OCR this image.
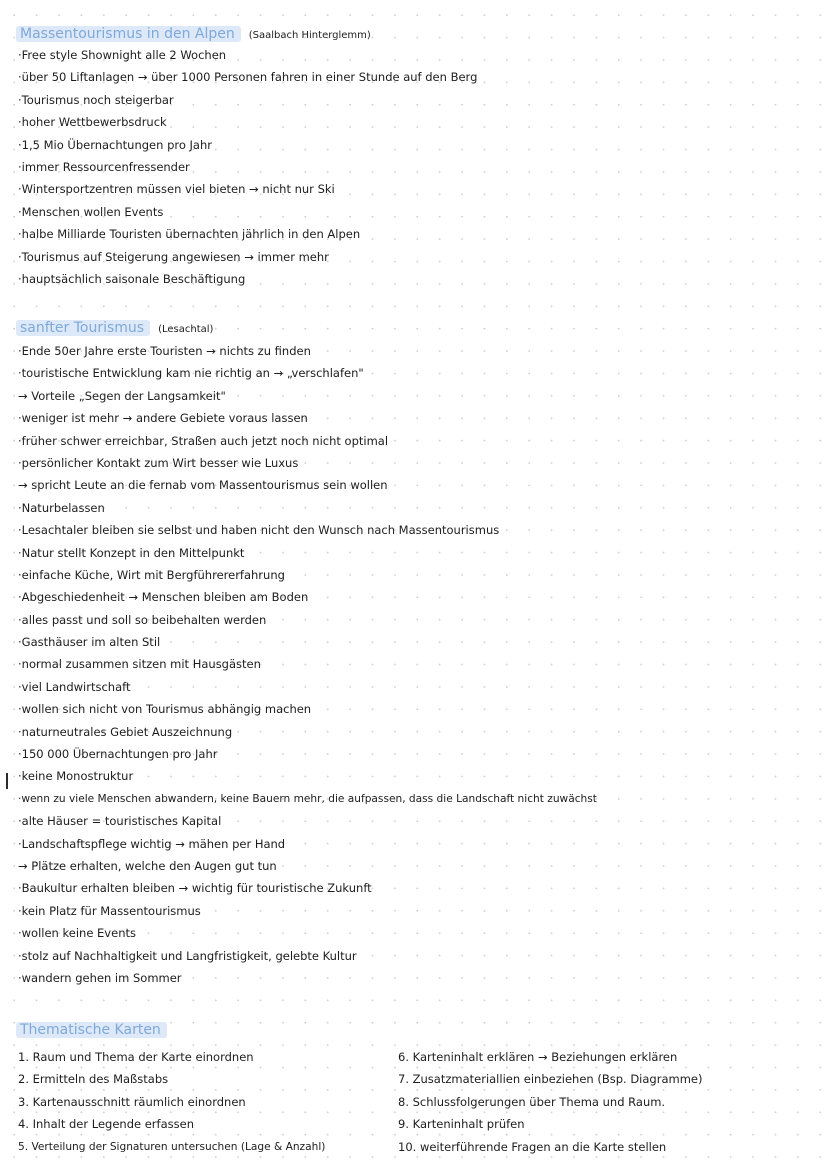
Massentourismus in den Alpen (Saalbach Hinterglemm)
·Free style Shownight alle 2 Wochen
·über 50 Liftanlagen → über 1000 Personen fahren in einer Stunde auf den Berg
·Tourismus noch steigerbar
·hoher Wettbewerbsdruck
·1,5 Mio Übernachtungen pro Jahr
·immer Ressourcenfressender
·Wintersportzentren müssen viel bieten → nicht nur Ski
·Menschen wollen Events
·halbe Milliarde Touristen übernachten jährlich in den Alpen
·Tourismus auf Steigerung angewiesen → immer mehr
·hauptsächlich saisonale Beschäftigung
sanfter Tourismus (Lesachtal)
·Ende 50er Jahre erste Touristen → nichts zu finden
·touristische Entwicklung kam nie richtig an → „verschlafen"
→ Vorteile „Segen der Langsamkeit"
·weniger ist mehr → andere Gebiete voraus lassen
·früher schwer erreichbar, Straßen auch jetzt noch nicht optimal
·persönlicher Kontakt zum Wirt besser wie Luxus
→ spricht Leute an die fernab vom Massentourismus sein wollen
·Naturbelassen
·Lesachtaler bleiben sie selbst und haben nicht den Wunsch nach Massentourismus
·Natur stellt Konzept in den Mittelpunkt
·einfache Küche, Wirt mit Bergführererfahrung
·Abgeschiedenheit → Menschen bleiben am Boden
·alles passt und soll so beibehalten werden
·Gasthäuser im alten Stil
·normal zusammen sitzen mit Hausgästen
·viel Landwirtschaft
·wollen sich nicht von Tourismus abhängig machen
·naturneutrales Gebiet Auszeichnung
·150 000 Übernachtungen pro Jahr
·keine Monostruktur
·wenn zu viele Menschen abwandern, keine Bauern mehr, die aufpassen, dass die Landschaft nicht zuwächst
·alte Häuser = touristisches Kapital
·Landschaftspflege wichtig → mähen per Hand
→ Plätze erhalten, welche den Augen gut tun
·Baukultur erhalten bleiben → wichtig für touristische Zukunft
·kein Platz für Massentourismus
·wollen keine Events
·stolz auf Nachhaltigkeit und Langfristigkeit, gelebte Kultur
·wandern gehen im Sommer
Thematische Karten
1. Raum und Thema der Karte einordnen
2. Ermitteln des Maßstabs
3. Kartenausschnitt räumlich einordnen
4. Inhalt der Legende erfassen
5. Verteilung der Signaturen untersuchen (Lage & Anzahl)
6. Karteninhalt erklären → Beziehungen erklären
7. Zusatzmateriallien einbeziehen (Bsp. Diagramme)
8. Schlussfolgerungen über Thema und Raum.
9. Karteninhalt prüfen
10. weiterführende Fragen an die Karte stellen
